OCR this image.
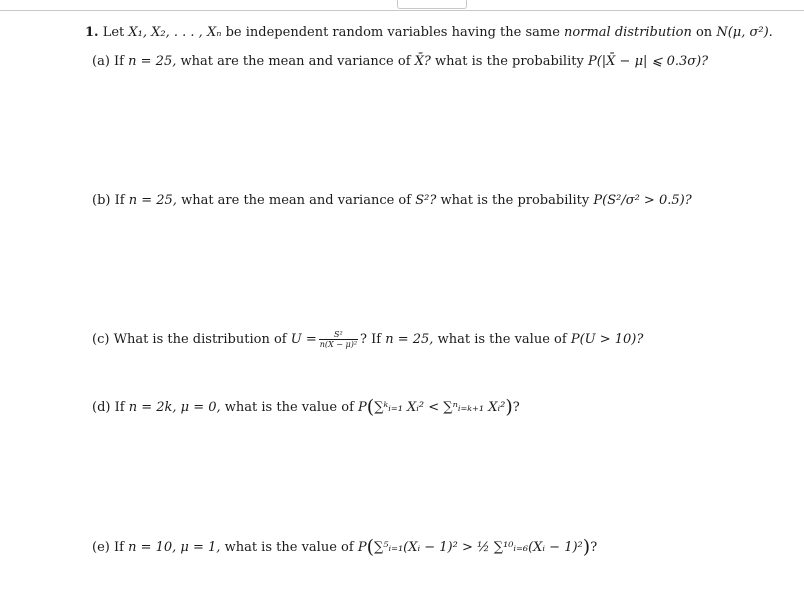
1. Let X₁, X₂, . . . , Xₙ be independent random variables having the same normal distribution on N(μ, σ²).
(a) If n = 25, what are the mean and variance of X̄? what is the probability P(|X̄ − μ| ⩽ 0.3σ)?
(b) If n = 25, what are the mean and variance of S²? what is the probability P(S²/σ² > 0.5)?
(c) What is the distribution of $U = \frac{\text{S²}}{\text{n(X̄ − μ)²}}$ ? If n = 25, what is the value of P(U > 10)?
(d) If n = 2k, μ = 0, what is the value of P(∑ᵏᵢ₌₁ Xᵢ² < ∑ⁿᵢ₌ₖ₊₁ Xᵢ²)?
(e) If n = 10, μ = 1, what is the value of P(∑⁵ᵢ₌₁(Xᵢ − 1)² > ½ ∑¹⁰ᵢ₌₆(Xᵢ − 1)²)?
